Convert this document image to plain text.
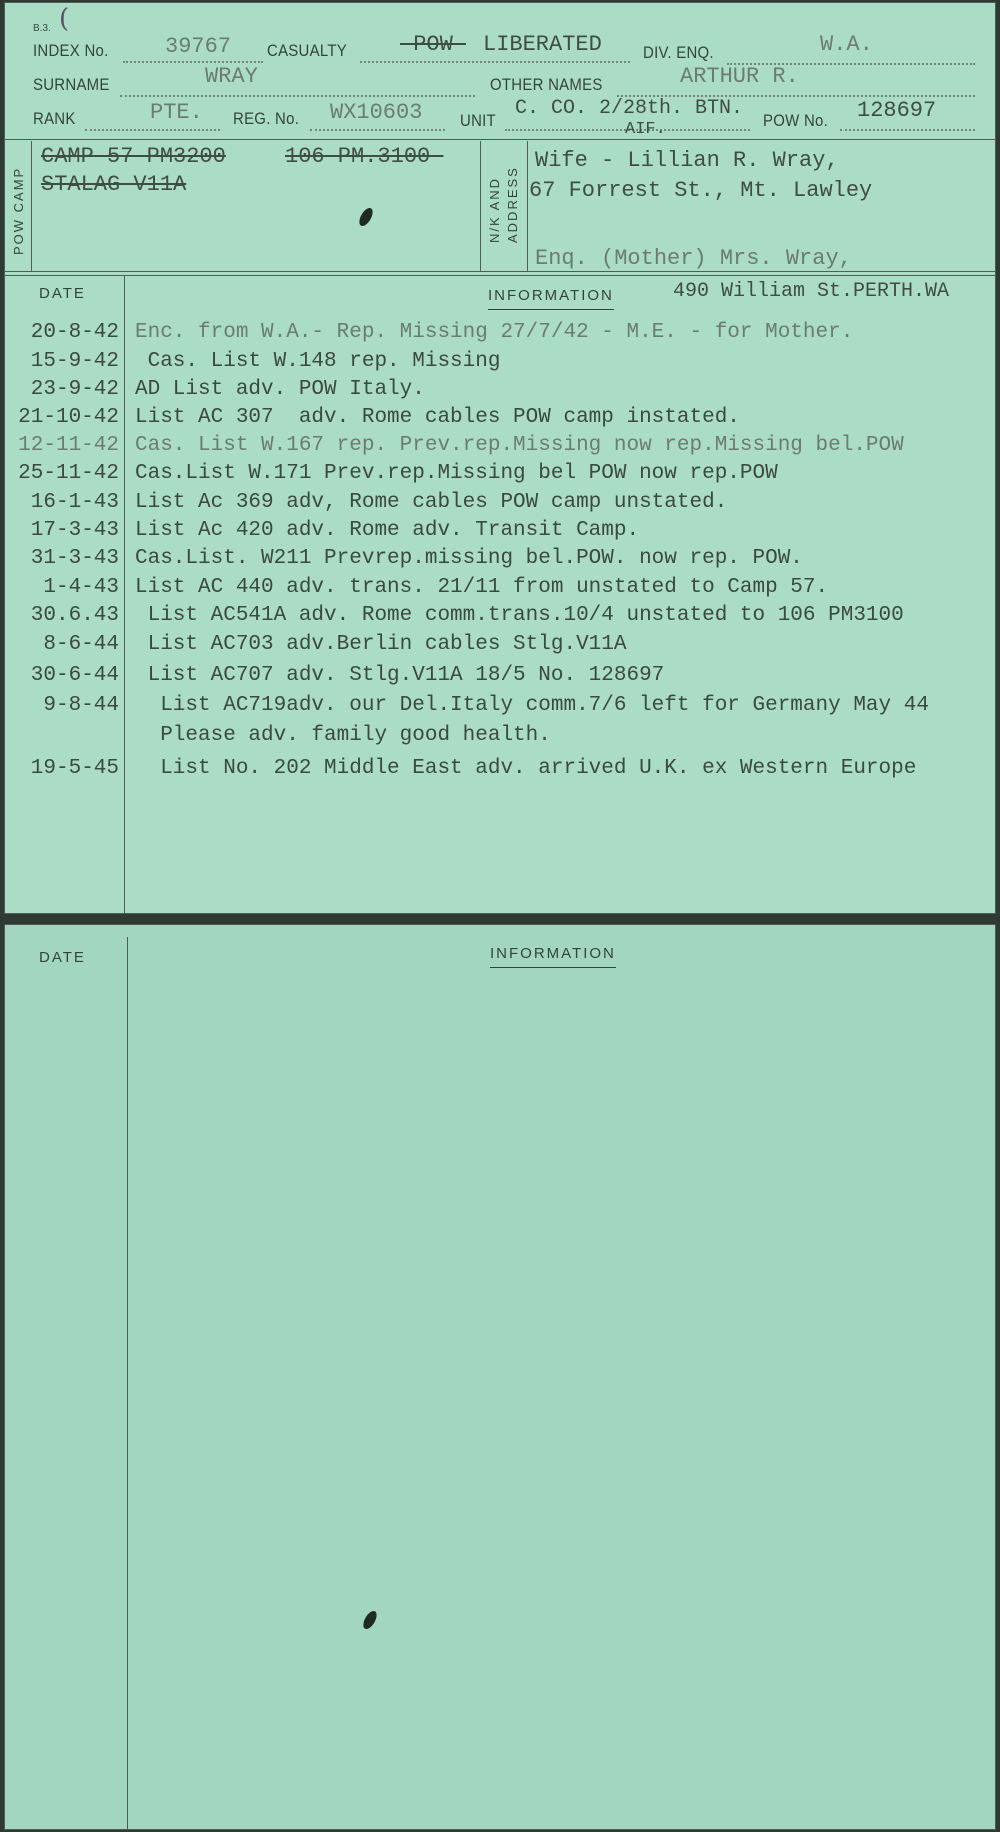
B.3. (
INDEX No.	39767 CASUALTY -POW- LIBERATED DIV. ENQ.	W.A.
SURNAME	WRAY	OTHER NAMES	ARTHUR R.
RANK	PTE. REG. No. WX10603 UNIT
C. CO. 2/28th. BTN.
AIF.	POW No. 128697
POW CAMP
CAMP 57-PM3200	106-PM.3100-
STALAG V11A	N/K AND ADDRESS
Wife - Lillian R. Wray,
67 Forrest St., Mt. Lawley
Enq. (Mother) Mrs. Wray,
DATE	INFORMATION	490 William St.PERTH.WA
20-8-42 Enc. from W.A.- Rep. Missing 27/7/42 - M.E. - for Mother.
15-9-42 Cas. List W.148 rep. Missing
23-9-42 AD List adv. POW Italy.
21-10-42 List AC 307  adv. Rome cables POW camp instated.
12-11-42 Cas. List W.167 rep. Prev.rep.Missing now rep.Missing bel.POW
25-11-42 Cas.List W.171 Prev.rep.Missing bel POW now rep.POW
16-1-43 List Ac 369 adv, Rome cables POW camp unstated.
17-3-43 List Ac 420 adv. Rome adv. Transit Camp.
31-3-43 Cas.List. W211 Prevrep.missing bel.POW. now rep. POW.
1-4-43 List AC 440 adv. trans. 21/11 from unstated to Camp 57.
30.6.43 List AC541A adv. Rome comm.trans.10/4 unstated to 106 PM3100
8-6-44 List AC703 adv.Berlin cables Stlg.V11A
30-6-44 List AC707 adv. Stlg.V11A 18/5 No. 128697
9-8-44 List AC719adv. our Del.Italy comm.7/6 left for Germany May 44
Please adv. family good health.
19-5-45 List No. 202 Middle East adv. arrived U.K. ex Western Europe
DATE	INFORMATION
